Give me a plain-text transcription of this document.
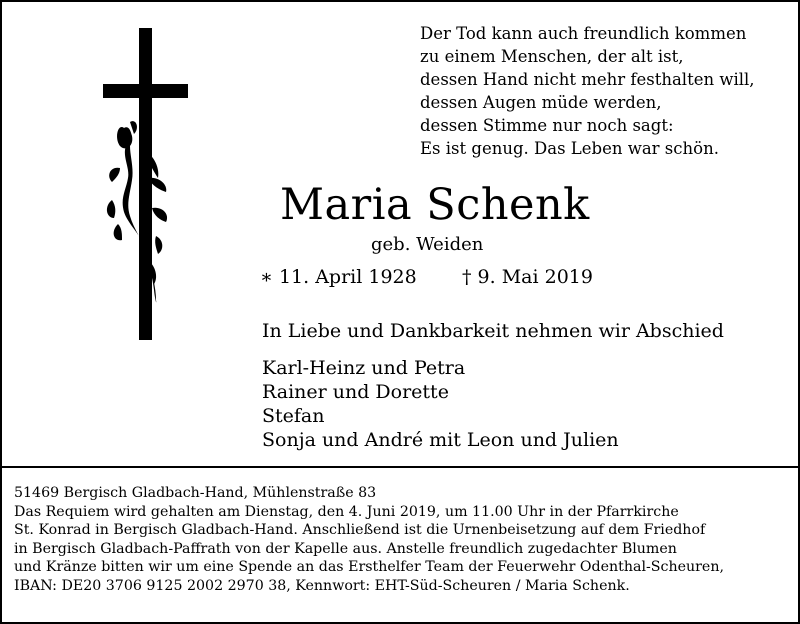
Der Tod kann auch freundlich kommen
zu einem Menschen, der alt ist,
dessen Hand nicht mehr festhalten will,
dessen Augen müde werden,
dessen Stimme nur noch sagt:
Es ist genug. Das Leben war schön.
Maria Schenk
geb. Weiden
∗ 11. April 1928 † 9. Mai 2019
In Liebe und Dankbarkeit nehmen wir Abschied
Karl-Heinz und Petra
Rainer und Dorette
Stefan
Sonja und André mit Leon und Julien
51469 Bergisch Gladbach-Hand, Mühlenstraße 83
Das Requiem wird gehalten am Dienstag, den 4. Juni 2019, um 11.00 Uhr in der Pfarrkirche
St. Konrad in Bergisch Gladbach-Hand. Anschließend ist die Urnenbeisetzung auf dem Friedhof
in Bergisch Gladbach-Paffrath von der Kapelle aus. Anstelle freundlich zugedachter Blumen
und Kränze bitten wir um eine Spende an das Ersthelfer Team der Feuerwehr Odenthal-Scheuren,
IBAN: DE20 3706 9125 2002 2970 38, Kennwort: EHT-Süd-Scheuren / Maria Schenk.
